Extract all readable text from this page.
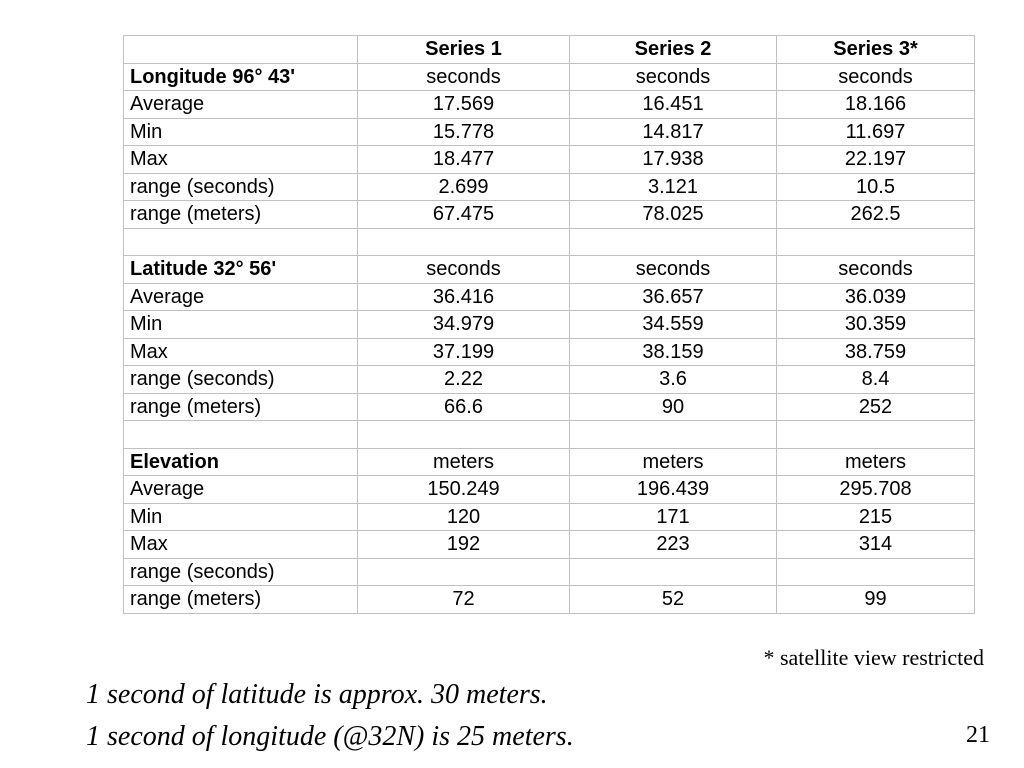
	Series 1	Series 2	Series 3*
Longitude 96° 43'	seconds	seconds	seconds
Average	17.569	16.451	18.166
Min	15.778	14.817	11.697
Max	18.477	17.938	22.197
range (seconds)	2.699	3.121	10.5
range (meters)	67.475	78.025	262.5

Latitude 32° 56'	seconds	seconds	seconds
Average	36.416	36.657	36.039
Min	34.979	34.559	30.359
Max	37.199	38.159	38.759
range (seconds)	2.22	3.6	8.4
range (meters)	66.6	90	252

Elevation	meters	meters	meters
Average	150.249	196.439	295.708
Min	120	171	215
Max	192	223	314
range (seconds)			
range (meters)	72	52	99
* satellite view restricted
1 second of latitude is approx. 30 meters.
1 second of longitude (@32N) is 25 meters.	21
